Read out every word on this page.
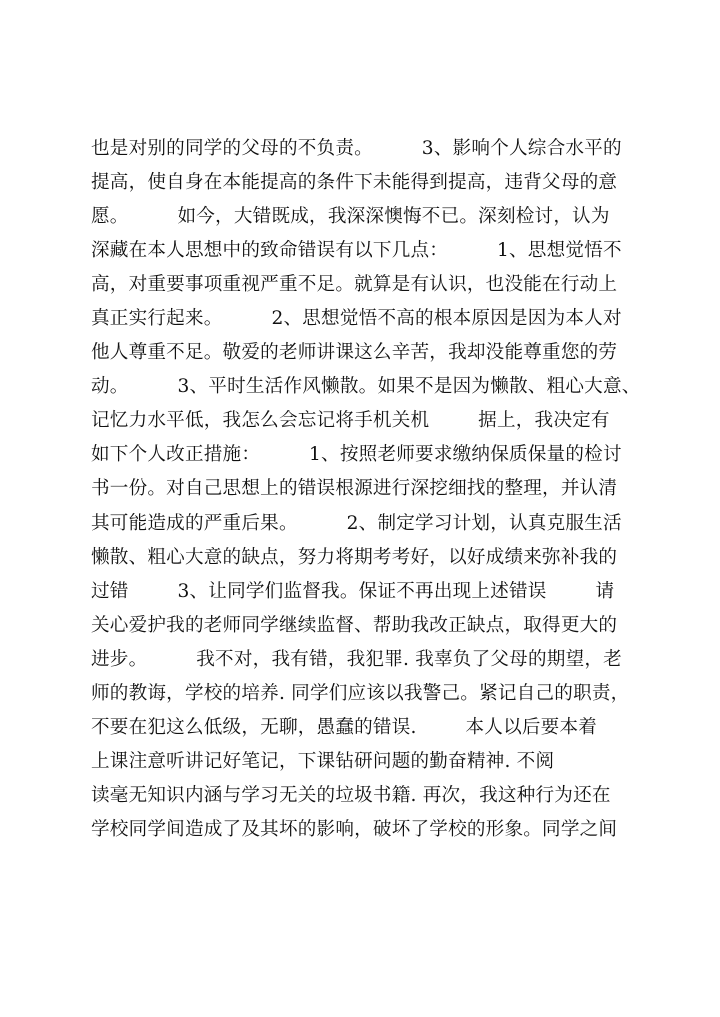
也是对别的同学的父母的不负责。        3、影响个人综合水平的
提高，使自身在本能提高的条件下未能得到提高，违背父母的意
愿。        如今，大错既成，我深深懊悔不已。深刻检讨，认为
深藏在本人思想中的致命错误有以下几点：        1、思想觉悟不
高，对重要事项重视严重不足。就算是有认识，也没能在行动上
真正实行起来。        2、思想觉悟不高的根本原因是因为本人对
他人尊重不足。敬爱的老师讲课这么辛苦，我却没能尊重您的劳
动。        3、平时生活作风懒散。如果不是因为懒散、粗心大意、
记忆力水平低，我怎么会忘记将手机关机        据上，我决定有
如下个人改正措施：        1、按照老师要求缴纳保质保量的检讨
书一份。对自己思想上的错误根源进行深挖细找的整理，并认清
其可能造成的严重后果。        2、制定学习计划，认真克服生活
懒散、粗心大意的缺点，努力将期考考好，以好成绩来弥补我的
过错        3、让同学们监督我。保证不再出现上述错误        请
关心爱护我的老师同学继续监督、帮助我改正缺点，取得更大的
进步。        我不对，我有错，我犯罪. 我辜负了父母的期望，老
师的教诲，学校的培养. 同学们应该以我警己。紧记自己的职责，
不要在犯这么低级，无聊，愚蠢的错误.        本人以后要本着
上课注意听讲记好笔记，下课钻研问题的勤奋精神. 不阅
读毫无知识内涵与学习无关的垃圾书籍. 再次，我这种行为还在
学校同学间造成了及其坏的影响，破坏了学校的形象。同学之间
